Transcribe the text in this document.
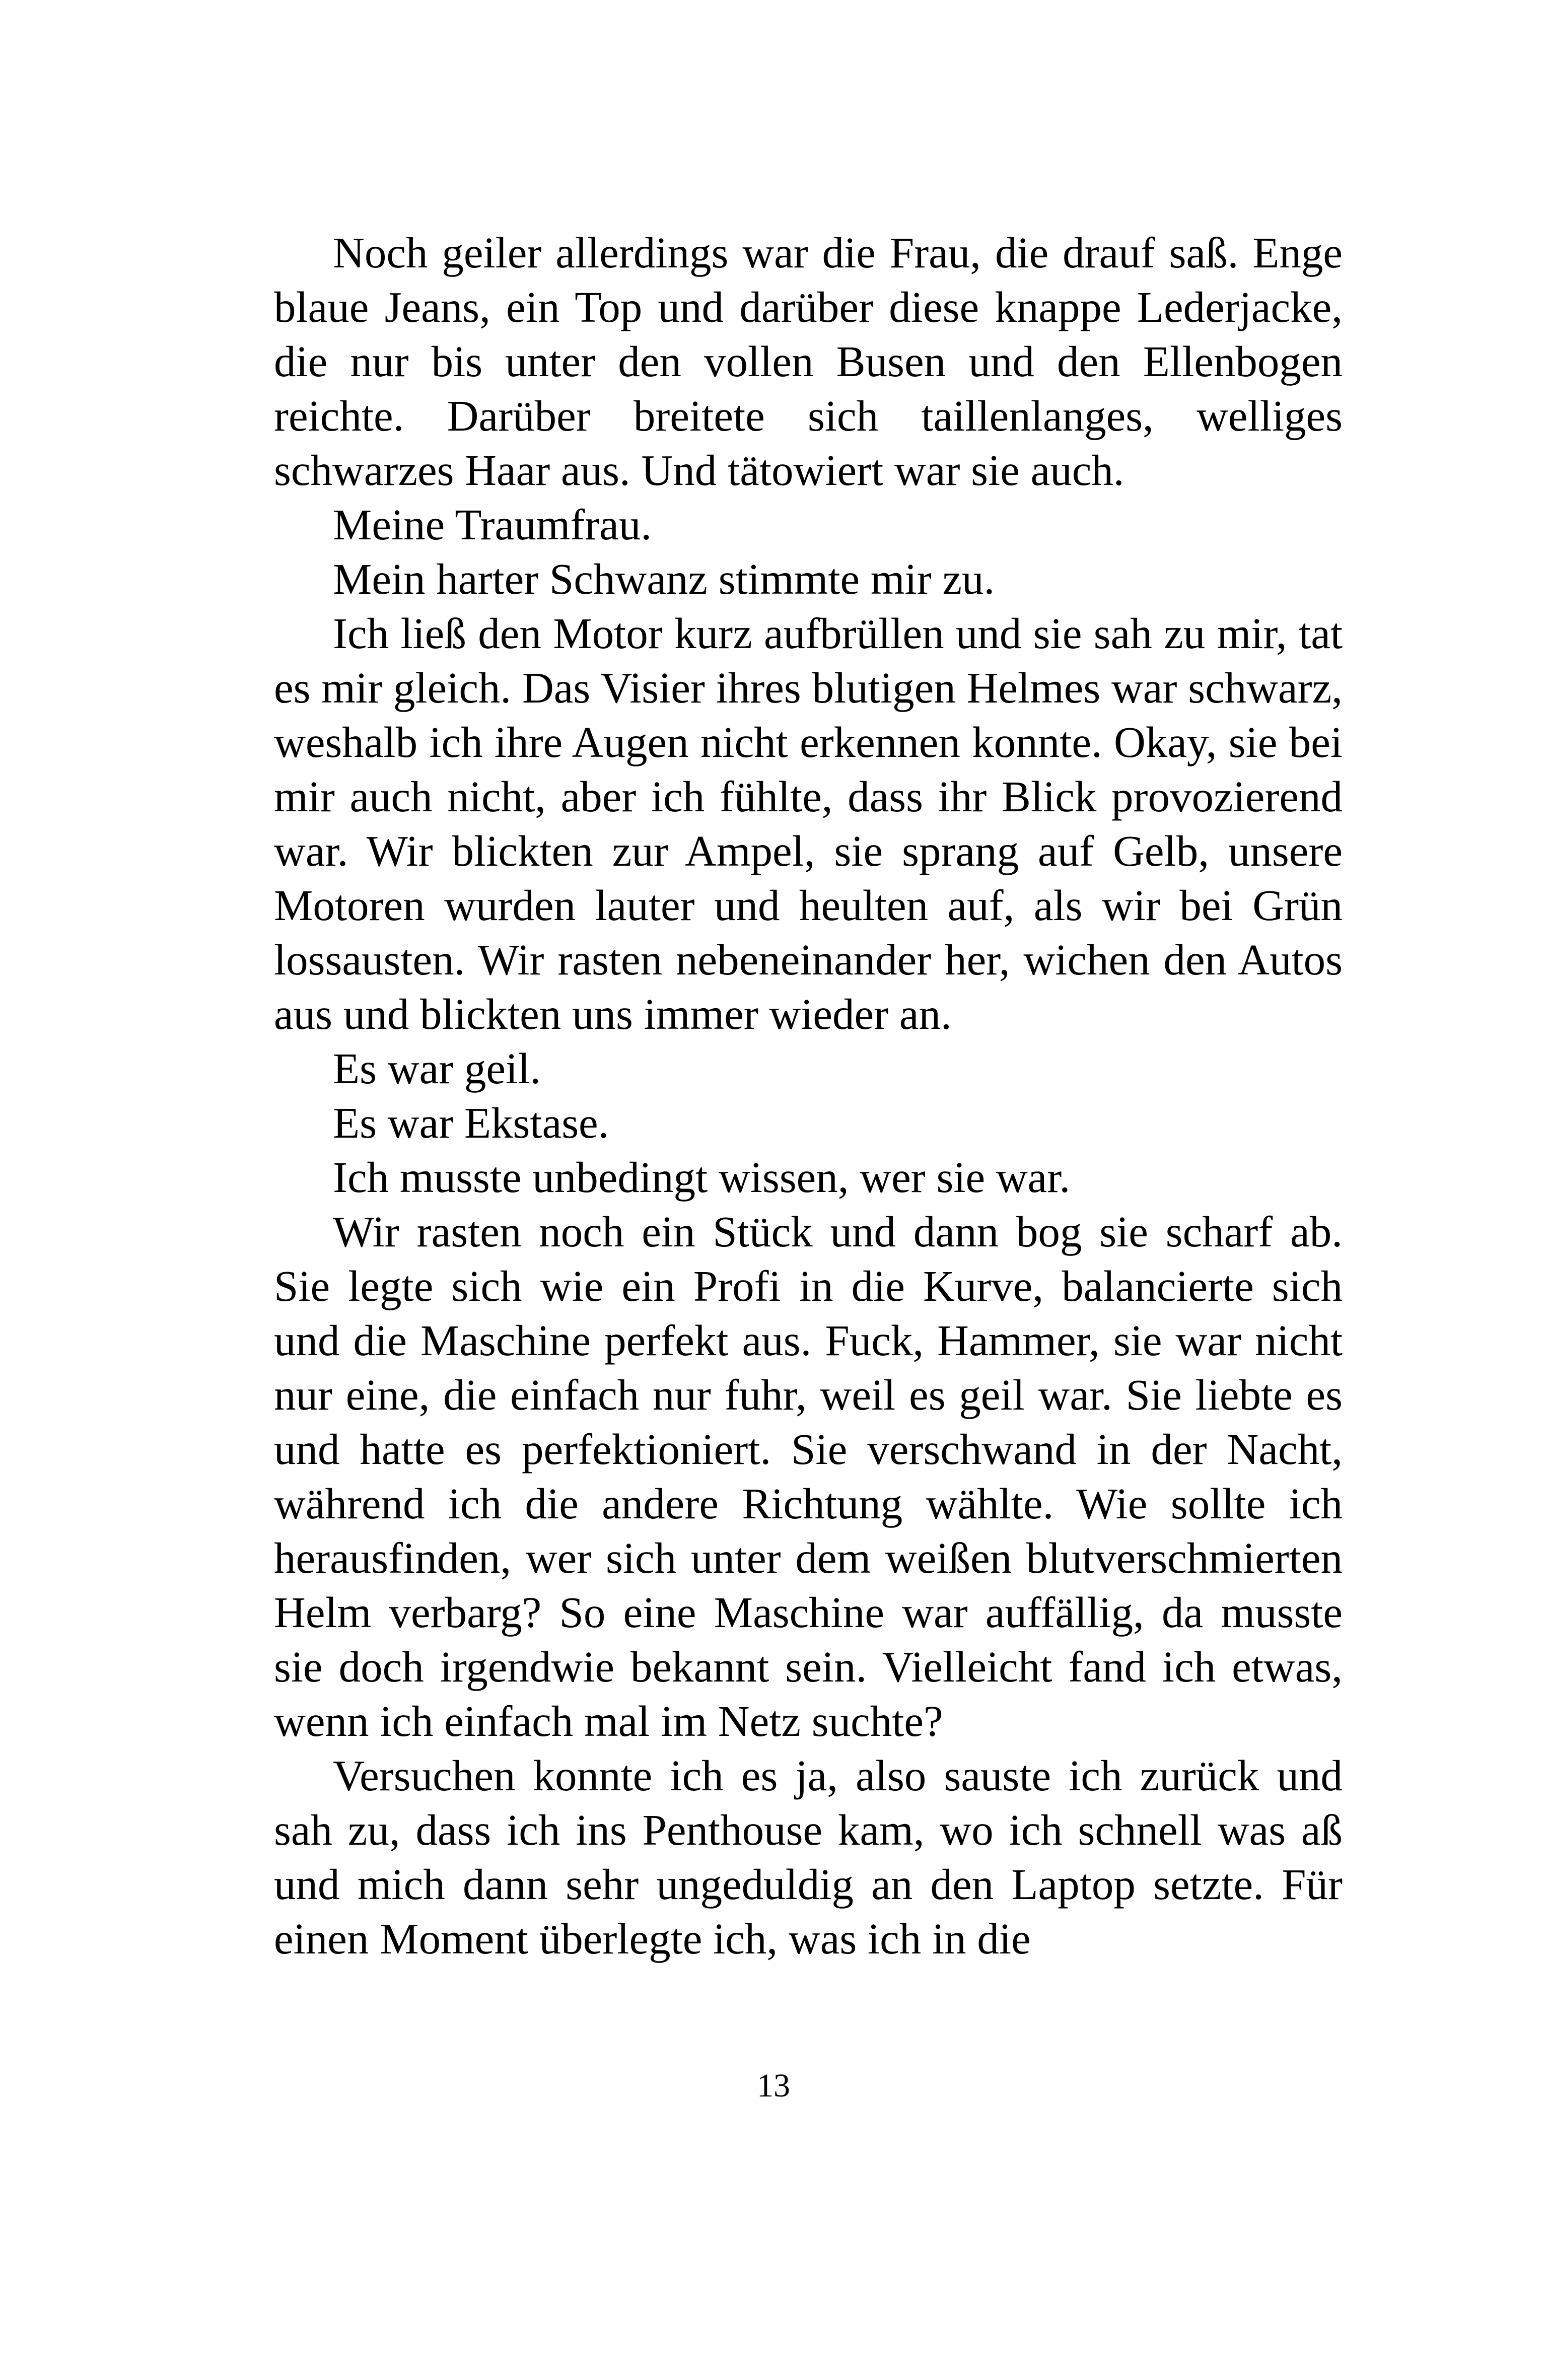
Noch geiler allerdings war die Frau, die drauf saß. Enge blaue Jeans, ein Top und darüber diese knappe Lederjacke, die nur bis unter den vollen Busen und den Ellenbogen reichte. Darüber breitete sich taillenlanges, welliges schwarzes Haar aus. Und tätowiert war sie auch.

Meine Traumfrau.

Mein harter Schwanz stimmte mir zu.

Ich ließ den Motor kurz aufbrüllen und sie sah zu mir, tat es mir gleich. Das Visier ihres blutigen Helmes war schwarz, weshalb ich ihre Augen nicht erkennen konnte. Okay, sie bei mir auch nicht, aber ich fühlte, dass ihr Blick provozierend war. Wir blickten zur Ampel, sie sprang auf Gelb, unsere Motoren wurden lauter und heulten auf, als wir bei Grün lossausten. Wir rasten nebeneinander her, wichen den Autos aus und blickten uns immer wieder an.

Es war geil.

Es war Ekstase.

Ich musste unbedingt wissen, wer sie war.

Wir rasten noch ein Stück und dann bog sie scharf ab. Sie legte sich wie ein Profi in die Kurve, balancierte sich und die Maschine perfekt aus. Fuck, Hammer, sie war nicht nur eine, die einfach nur fuhr, weil es geil war. Sie liebte es und hatte es perfektioniert. Sie verschwand in der Nacht, während ich die andere Richtung wählte. Wie sollte ich herausfinden, wer sich unter dem weißen blutverschmierten Helm verbarg? So eine Maschine war auffällig, da musste sie doch irgendwie bekannt sein. Vielleicht fand ich etwas, wenn ich einfach mal im Netz suchte?

Versuchen konnte ich es ja, also sauste ich zurück und sah zu, dass ich ins Penthouse kam, wo ich schnell was aß und mich dann sehr ungeduldig an den Laptop setzte. Für einen Moment überlegte ich, was ich in die

13
